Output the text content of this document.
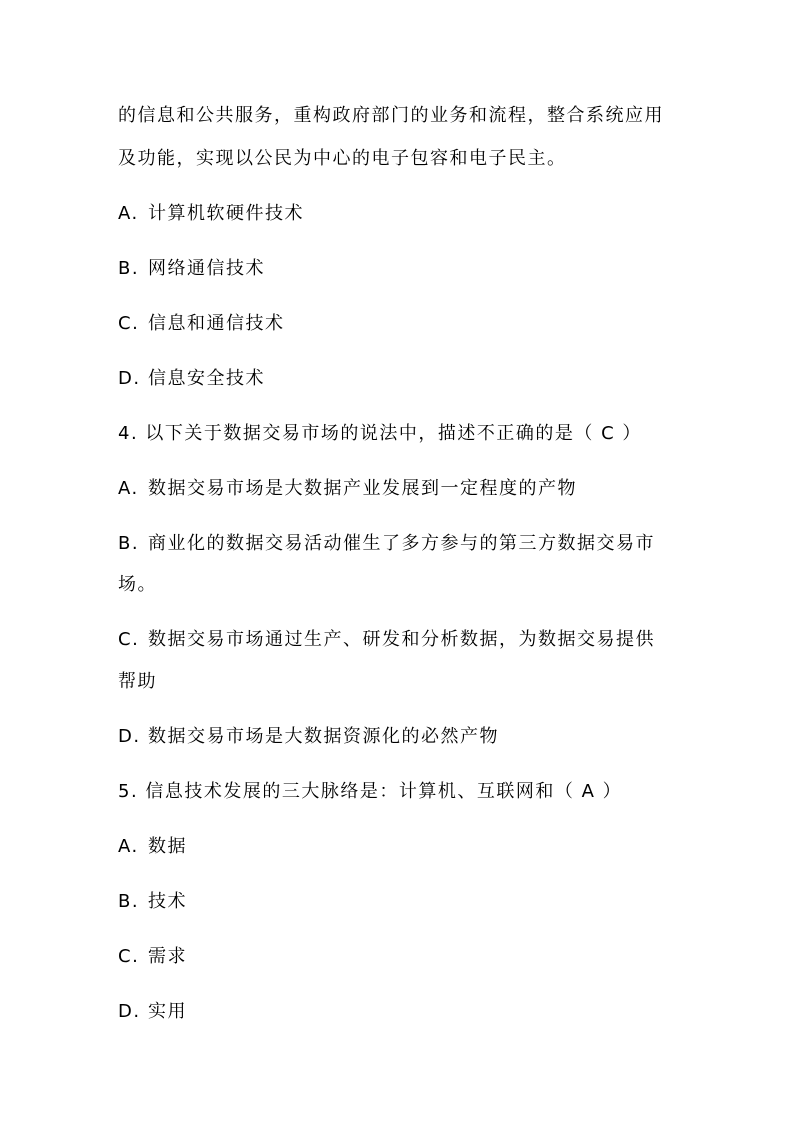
的信息和公共服务，重构政府部门的业务和流程，整合系统应用
及功能，实现以公民为中心的电子包容和电子民主。
A. 计算机软硬件技术
B. 网络通信技术
C. 信息和通信技术
D. 信息安全技术
4. 以下关于数据交易市场的说法中，描述不正确的是（ C ）
A. 数据交易市场是大数据产业发展到一定程度的产物
B. 商业化的数据交易活动催生了多方参与的第三方数据交易市
场。
C. 数据交易市场通过生产、研发和分析数据，为数据交易提供
帮助
D. 数据交易市场是大数据资源化的必然产物
5. 信息技术发展的三大脉络是：计算机、互联网和（ A ）
A. 数据
B. 技术
C. 需求
D. 实用
